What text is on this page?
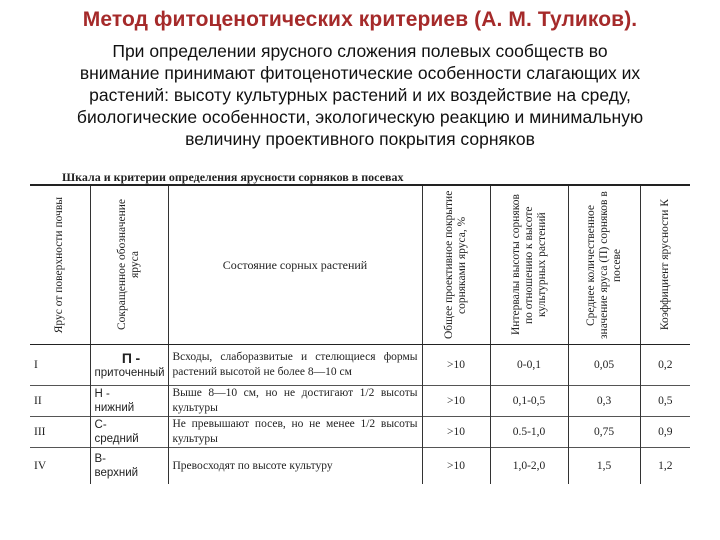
Метод фитоценотических критериев (А. М. Туликов).
При определении ярусного сложения полевых сообществ во
внимание принимают фитоценотические особенности слагающих их
растений: высоту культурных растений и их воздействие на среду,
биологические особенности, экологическую реакцию и минимальную
величину проективного покрытия сорняков
Шкала и критерии определения ярусности сорняков в посевах
Ярус от поверхности почвы	Сокращенное обозначение яруса	Состояние сорных растений	Общее проективное покрытие сорняками яруса, %	Интервалы высоты сорняков по отношению к высоте культурных растений	Среднее количественное значение яруса (П) сорняков в посеве	Коэффициент ярусности К

I	П -
приточенный	Всходы, слаборазвитые и стелющиеся формы растений высотой не более 8—10 см	>10	0-0,1	0,05	0,2
II	Н -
нижний	Выше 8—10 см, но не достигают 1/2 высоты культуры	>10	0,1-0,5	0,3	0,5
III	С-
средний	Не превышают посев, но не менее 1/2 высоты культуры	>10	0.5-1,0	0,75	0,9
IV	В-
верхний	Превосходят по высоте культуру	>10	1,0-2,0	1,5	1,2
